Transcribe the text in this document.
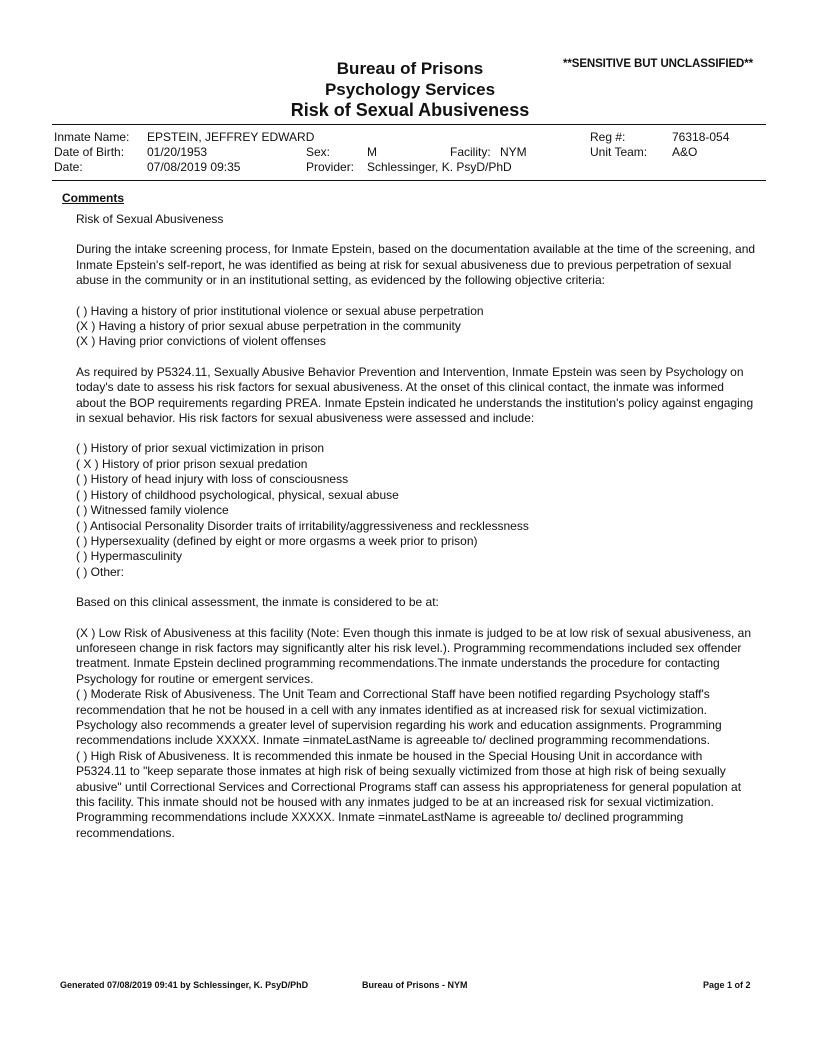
Bureau of Prisons
Psychology Services
Risk of Sexual Abusiveness
**SENSITIVE BUT UNCLASSIFIED**
Inmate Name: EPSTEIN, JEFFREY EDWARD	Reg #:	76318-054
Date of Birth: 01/20/1953	Sex:	M	Facility: NYM	Unit Team: A&O
Date:	07/08/2019 09:35	Provider: Schlessinger, K. PsyD/PhD
Comments

Risk of Sexual Abusiveness

During the intake screening process, for Inmate Epstein, based on the documentation available at the time of the screening, and Inmate Epstein's self-report, he was identified as being at risk for sexual abusiveness due to previous perpetration of sexual abuse in the community or in an institutional setting, as evidenced by the following objective criteria:

( ) Having a history of prior institutional violence or sexual abuse perpetration

(X ) Having a history of prior sexual abuse perpetration in the community

(X ) Having prior convictions of violent offenses

As required by P5324.11, Sexually Abusive Behavior Prevention and Intervention, Inmate Epstein was seen by Psychology on today's date to assess his risk factors for sexual abusiveness. At the onset of this clinical contact, the inmate was informed about the BOP requirements regarding PREA. Inmate Epstein indicated he understands the institution's policy against engaging in sexual behavior. His risk factors for sexual abusiveness were assessed and include:

( ) History of prior sexual victimization in prison

( X ) History of prior prison sexual predation

( ) History of head injury with loss of consciousness

( ) History of childhood psychological, physical, sexual abuse

( ) Witnessed family violence

( ) Antisocial Personality Disorder traits of irritability/aggressiveness and recklessness

( ) Hypersexuality (defined by eight or more orgasms a week prior to prison)

( ) Hypermasculinity

( ) Other:

Based on this clinical assessment, the inmate is considered to be at:

(X ) Low Risk of Abusiveness at this facility (Note: Even though this inmate is judged to be at low risk of sexual abusiveness, an unforeseen change in risk factors may significantly alter his risk level.). Programming recommendations included sex offender treatment. Inmate Epstein declined programming recommendations.The inmate understands the procedure for contacting Psychology for routine or emergent services.

( ) Moderate Risk of Abusiveness. The Unit Team and Correctional Staff have been notified regarding Psychology staff's recommendation that he not be housed in a cell with any inmates identified as at increased risk for sexual victimization. Psychology also recommends a greater level of supervision regarding his work and education assignments. Programming recommendations include XXXXX. Inmate =inmateLastName is agreeable to/ declined programming recommendations.

( ) High Risk of Abusiveness. It is recommended this inmate be housed in the Special Housing Unit in accordance with P5324.11 to "keep separate those inmates at high risk of being sexually victimized from those at high risk of being sexually abusive" until Correctional Services and Correctional Programs staff can assess his appropriateness for general population at this facility. This inmate should not be housed with any inmates judged to be at an increased risk for sexual victimization. Programming recommendations include XXXXX. Inmate =inmateLastName is agreeable to/ declined programming recommendations.

Generated 07/08/2019 09:41 by Schlessinger, K. PsyD/PhD	Bureau of Prisons - NYM	Page 1 of 2
